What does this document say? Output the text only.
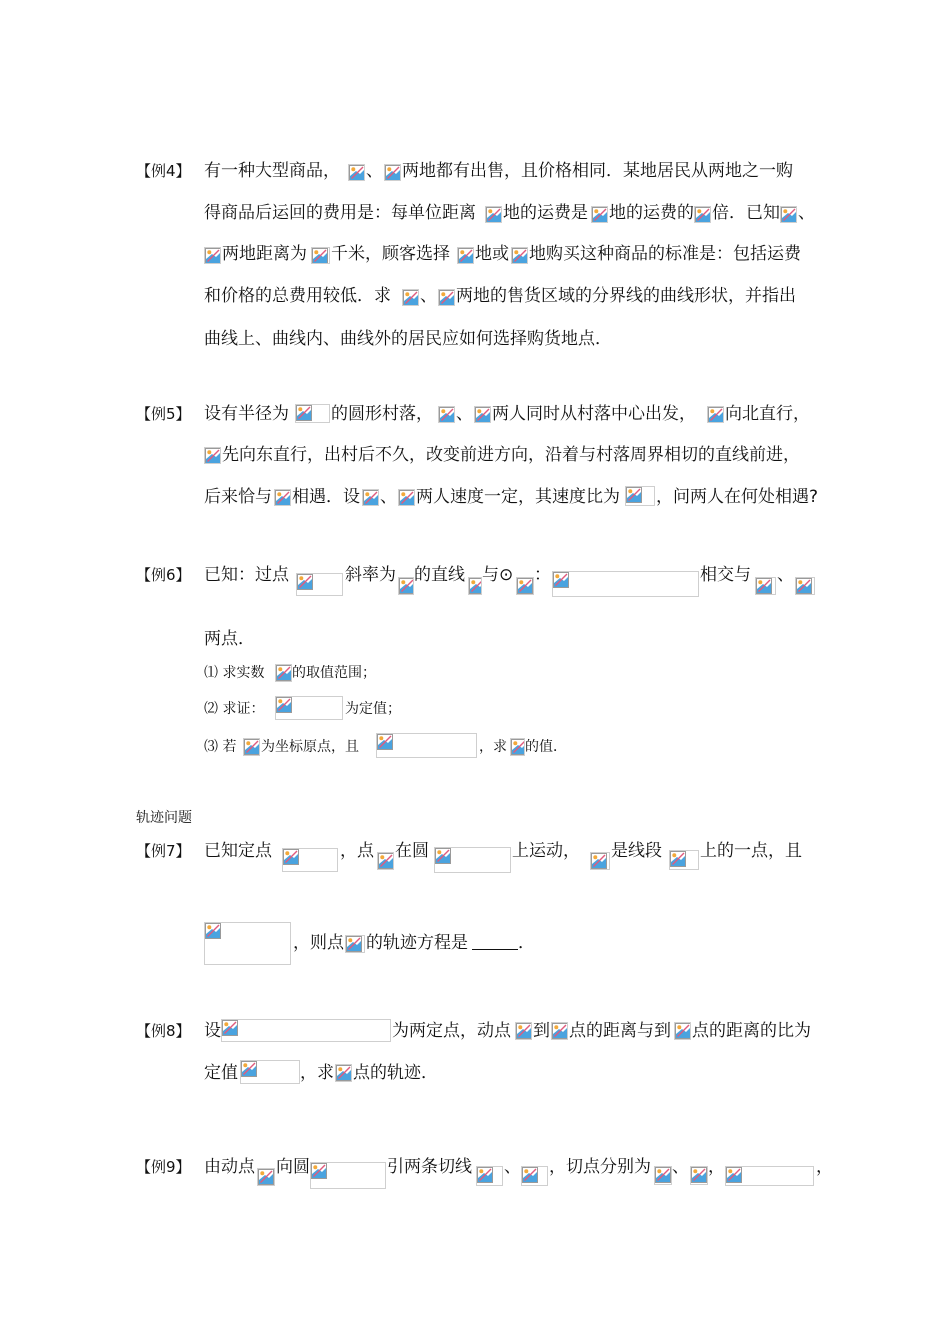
【例4】 有一种大型商品， 、 两地都有出售，且价格相同．某地居民从两地之一购
得商品后运回的费用是：每单位距离 地的运费是 地的运费的 倍．已知 、
两地距离为 千米，顾客选择 地或 地购买这种商品的标准是：包括运费
和价格的总费用较低．求 、 两地的售货区域的分界线的曲线形状，并指出
曲线上、曲线内、曲线外的居民应如何选择购货地点．
【例5】 设有半径为 的圆形村落， 、 两人同时从村落中心出发， 向北直行，
先向东直行，出村后不久，改变前进方向，沿着与村落周界相切的直线前进，
后来恰与 相遇．设 、 两人速度一定，其速度比为 ，问两人在何处相遇?
【例6】 已知：过点	斜率为 的直线 与⊙ ：	相交与 、
两点．
⑴ 求实数 的取值范围；
⑵ 求证：	为定值；
⑶ 若 为坐标原点，且	，求 的值．
轨迹问题
【例7】 已知定点	，点 在圆	上运动， 是线段 上的一点，且
，则点 的轨迹方程是	．
【例8】 设	为两定点，动点 到 点的距离与到 点的距离的比为
定值	，求 点的轨迹．
【例9】 由动点 向圆	引两条切线 、 ，切点分别为 、 ，	，
